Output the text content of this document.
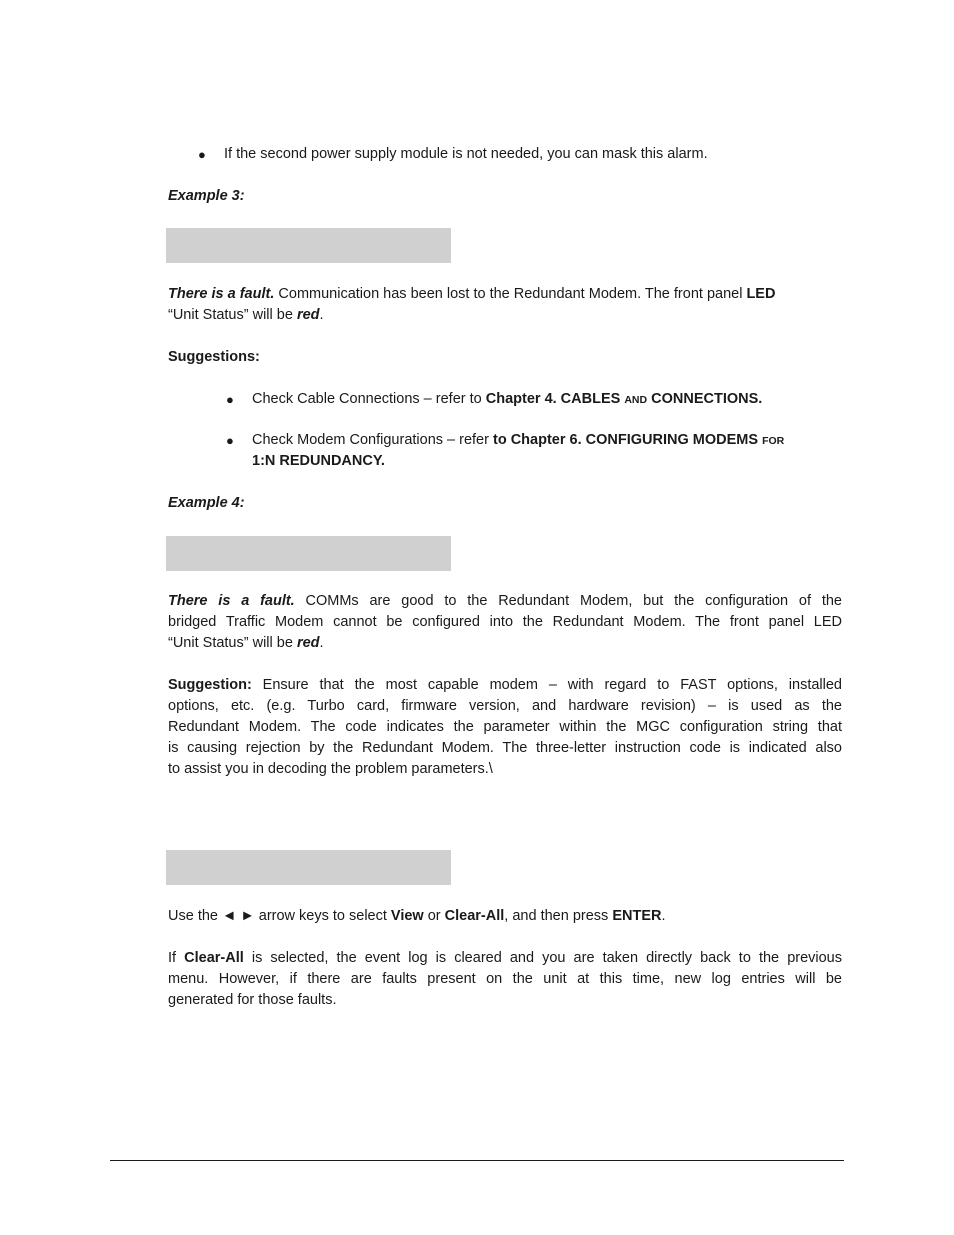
● If the second power supply module is not needed, you can mask this alarm.
Example 3:
There is a fault. Communication has been lost to the Redundant Modem. The front panel LED
“Unit Status” will be red.
Suggestions:
● Check Cable Connections – refer to Chapter 4. CABLES AND CONNECTIONS.
● Check Modem Configurations – refer to Chapter 6. CONFIGURING MODEMS FOR
1:N REDUNDANCY.
Example 4:
There is a fault. COMMs are good to the Redundant Modem, but the configuration of the
bridged Traffic Modem cannot be configured into the Redundant Modem. The front panel LED
“Unit Status” will be red.
Suggestion: Ensure that the most capable modem – with regard to FAST options, installed
options, etc. (e.g. Turbo card, firmware version, and hardware revision) – is used as the
Redundant Modem. The code indicates the parameter within the MGC configuration string that
is causing rejection by the Redundant Modem. The three-letter instruction code is indicated also
to assist you in decoding the problem parameters.\
Use the ◄ ► arrow keys to select View or Clear-All, and then press ENTER.
If Clear-All is selected, the event log is cleared and you are taken directly back to the previous
menu. However, if there are faults present on the unit at this time, new log entries will be
generated for those faults.
